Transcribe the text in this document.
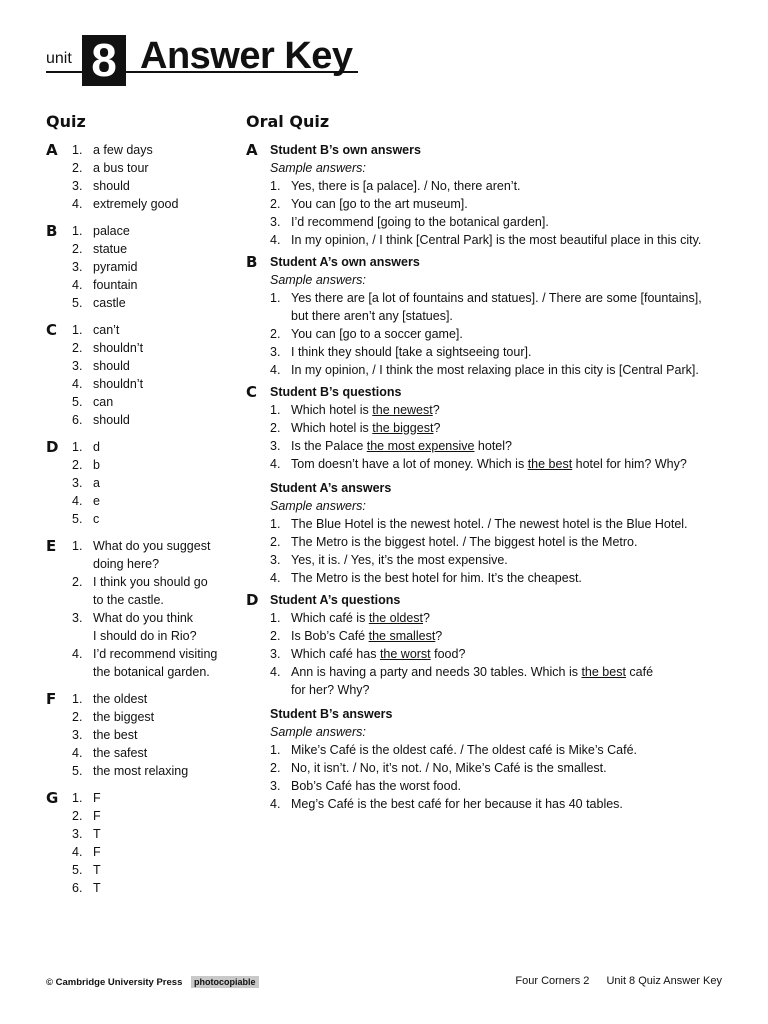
unit 8 Answer Key
Quiz
A 1. a few days
2. a bus tour
3. should
4. extremely good
B 1. palace
2. statue
3. pyramid
4. fountain
5. castle
C 1. can’t
2. shouldn’t
3. should
4. shouldn’t
5. can
6. should
D 1. d
2. b
3. a
4. e
5. c
E 1. What do you suggest
doing here?
2. I think you should go
to the castle.
3. What do you think
I should do in Rio?
4. I’d recommend visiting
the botanical garden.
F 1. the oldest
2. the biggest
3. the best
4. the safest
5. the most relaxing
G 1. F
2. F
3. T
4. F
5. T
6. T
Oral Quiz
A Student B’s own answers
Sample answers:
1. Yes, there is [a palace]. / No, there aren’t.
2. You can [go to the art museum].
3. I’d recommend [going to the botanical garden].
4. In my opinion, / I think [Central Park] is the most beautiful place in this city.
B Student A’s own answers
Sample answers:
1. Yes there are [a lot of fountains and statues]. / There are some [fountains],
but there aren’t any [statues].
2. You can [go to a soccer game].
3. I think they should [take a sightseeing tour].
4. In my opinion, / I think the most relaxing place in this city is [Central Park].
C Student B’s questions
1. Which hotel is the newest?
2. Which hotel is the biggest?
3. Is the Palace the most expensive hotel?
4. Tom doesn’t have a lot of money. Which is the best hotel for him? Why?
Student A’s answers
Sample answers:
1. The Blue Hotel is the newest hotel. / The newest hotel is the Blue Hotel.
2. The Metro is the biggest hotel. / The biggest hotel is the Metro.
3. Yes, it is. / Yes, it’s the most expensive.
4. The Metro is the best hotel for him. It’s the cheapest.
D Student A’s questions
1. Which café is the oldest?
2. Is Bob’s Café the smallest?
3. Which café has the worst food?
4. Ann is having a party and needs 30 tables. Which is the best café
for her? Why?
Student B’s answers
Sample answers:
1. Mike’s Café is the oldest café. / The oldest café is Mike’s Café.
2. No, it isn’t. / No, it’s not. / No, Mike’s Café is the smallest.
3. Bob’s Café has the worst food.
4. Meg’s Café is the best café for her because it has 40 tables.
© Cambridge University Press photocopiable	Four Corners 2 Unit 8 Quiz Answer Key
